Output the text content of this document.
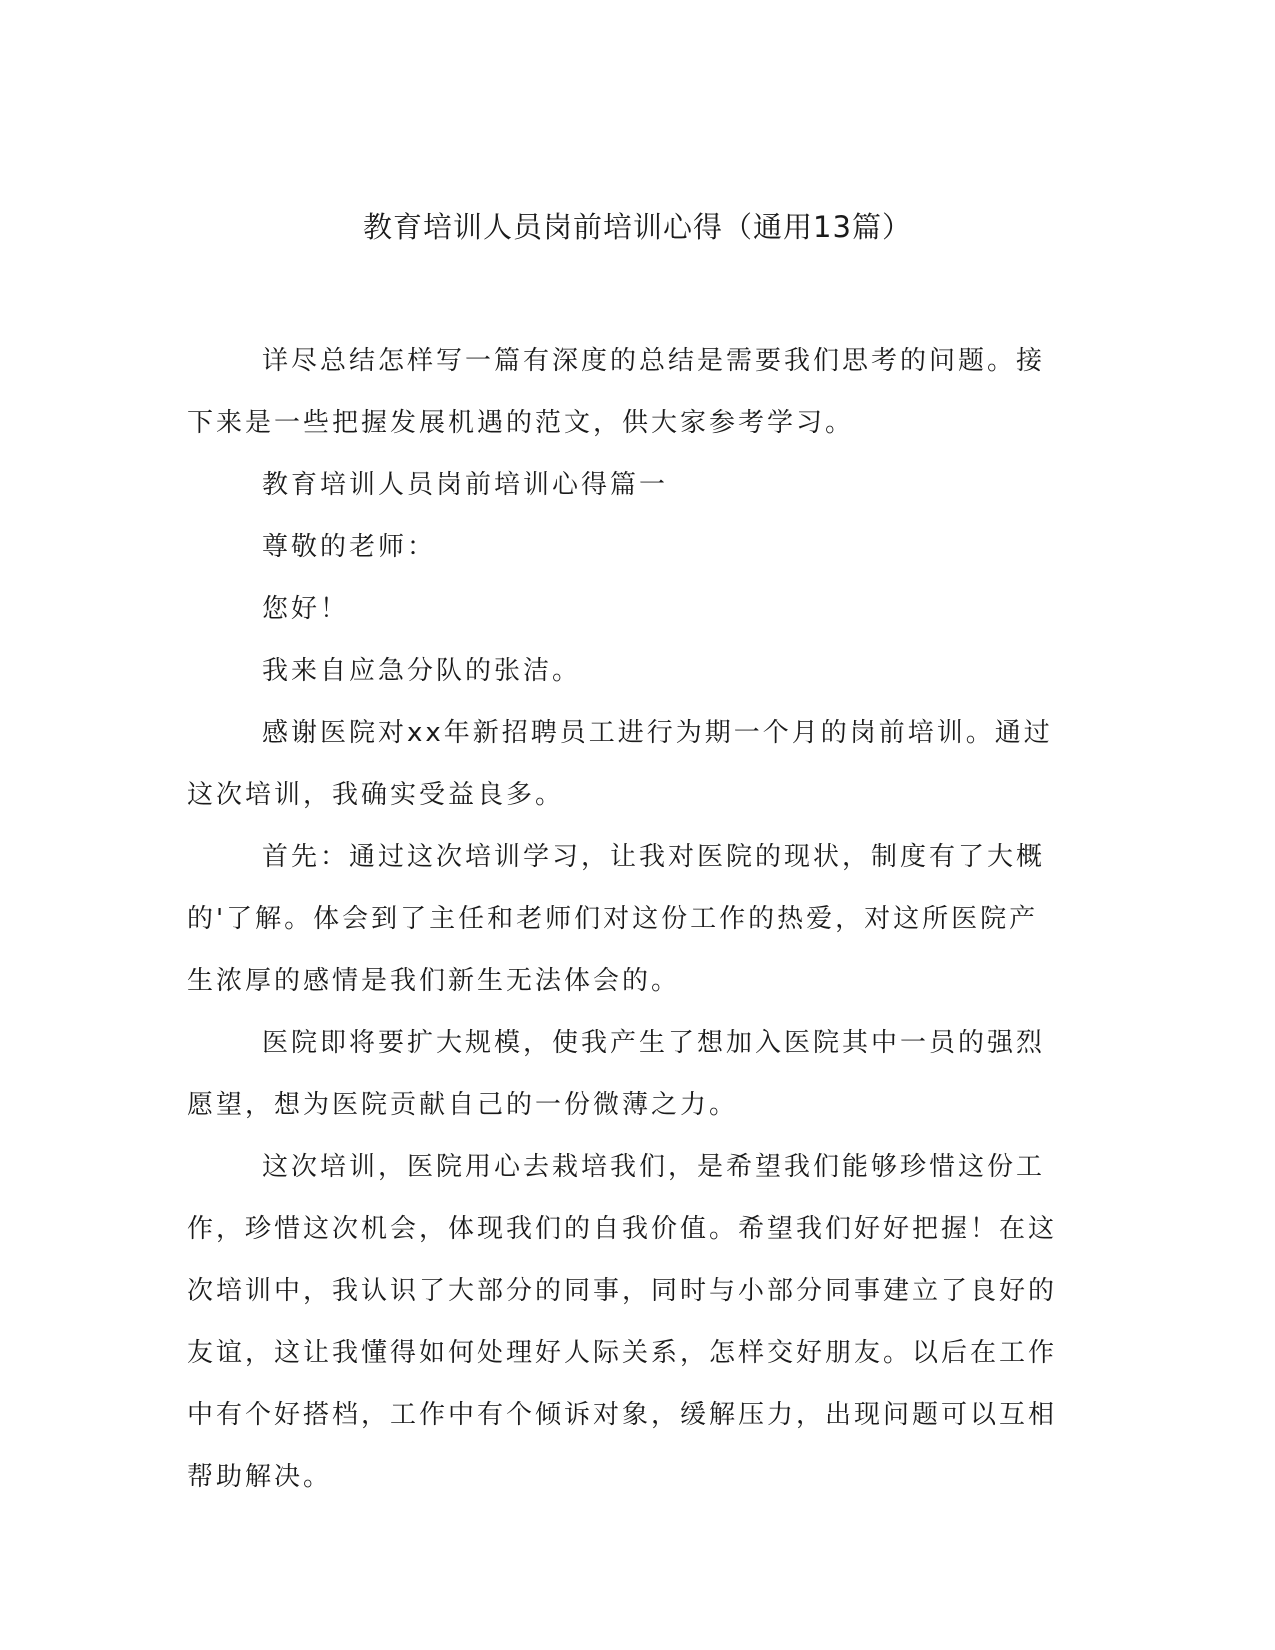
教育培训人员岗前培训心得（通用13篇）

详尽总结怎样写一篇有深度的总结是需要我们思考的问题。接下来是一些把握发展机遇的范文，供大家参考学习。

教育培训人员岗前培训心得篇一

尊敬的老师：

您好！

我来自应急分队的张洁。

感谢医院对xx年新招聘员工进行为期一个月的岗前培训。通过这次培训，我确实受益良多。

首先：通过这次培训学习，让我对医院的现状，制度有了大概的'了解。体会到了主任和老师们对这份工作的热爱，对这所医院产生浓厚的感情是我们新生无法体会的。

医院即将要扩大规模，使我产生了想加入医院其中一员的强烈愿望，想为医院贡献自己的一份微薄之力。

这次培训，医院用心去栽培我们，是希望我们能够珍惜这份工作，珍惜这次机会，体现我们的自我价值。希望我们好好把握！在这次培训中，我认识了大部分的同事，同时与小部分同事建立了良好的友谊，这让我懂得如何处理好人际关系，怎样交好朋友。以后在工作中有个好搭档，工作中有个倾诉对象，缓解压力，出现问题可以互相帮助解决。
